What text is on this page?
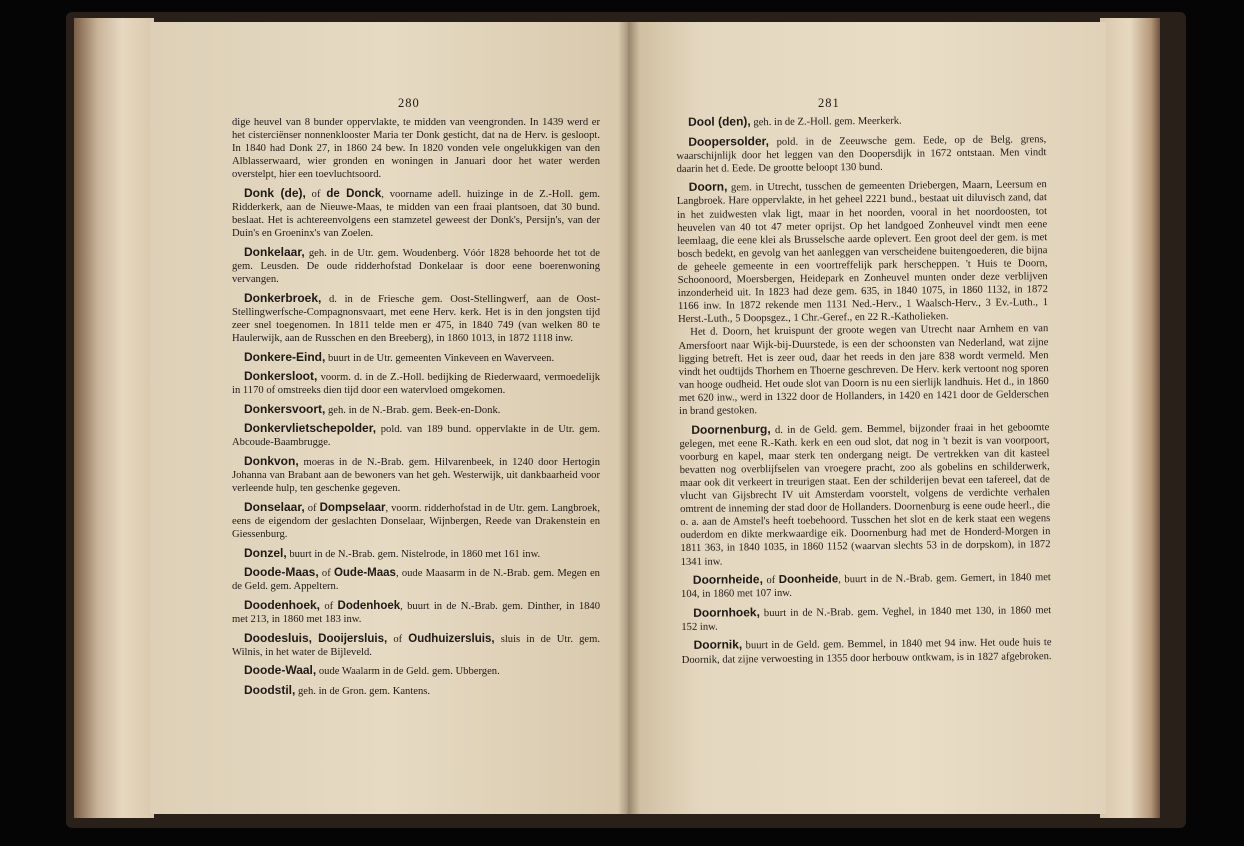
280

dige heuvel van 8 bunder oppervlakte, te midden van veengronden. In 1439 werd er het cisterciënser nonnenklooster Maria ter Donk gesticht, dat na de Herv. is gesloopt. In 1840 had Donk 27, in 1860 24 bew. In 1820 vonden vele ongelukkigen van den Alblasserwaard, wier gronden en woningen in Januari door het water werden overstelpt, hier een toevluchtsoord.

Donk (de), of de Donck, voorname adell. huizinge in de Z.-Holl. gem. Ridderkerk, aan de Nieuwe-Maas, te midden van een fraai plantsoen, dat 30 bund. beslaat. Het is achtereenvolgens een stamzetel geweest der Donk's, Persijn's, van der Duin's en Groeninx's van Zoelen.

Donkelaar, geh. in de Utr. gem. Woudenberg. Vóór 1828 behoorde het tot de gem. Leusden. De oude ridderhofstad Donkelaar is door eene boerenwoning vervangen.

Donkerbroek, d. in de Friesche gem. Oost-Stellingwerf, aan de Oost-Stellingwerfsche-Compagnonsvaart, met eene Herv. kerk. Het is in den jongsten tijd zeer snel toegenomen. In 1811 telde men er 475, in 1840 749 (van welken 80 te Haulerwijk, aan de Russchen en den Breeberg), in 1860 1013, in 1872 1118 inw.

Donkere-Eind, buurt in de Utr. gemeenten Vinkeveen en Waverveen.

Donkersloot, voorm. d. in de Z.-Holl. bedijking de Riederwaard, vermoedelijk in 1170 of omstreeks dien tijd door een watervloed omgekomen.

Donkersvoort, geh. in de N.-Brab. gem. Beek-en-Donk.

Donkervlietschepolder, pold. van 189 bund. oppervlakte in de Utr. gem. Abcoude-Baambrugge.

Donkvon, moeras in de N.-Brab. gem. Hilvarenbeek, in 1240 door Hertogin Johanna van Brabant aan de bewoners van het geh. Westerwijk, uit dankbaarheid voor verleende hulp, ten geschenke gegeven.

Donselaar, of Dompselaar, voorm. ridderhofstad in de Utr. gem. Langbroek, eens de eigendom der geslachten Donselaar, Wijnbergen, Reede van Drakenstein en Giessenburg.

Donzel, buurt in de N.-Brab. gem. Nistelrode, in 1860 met 161 inw.

Doode-Maas, of Oude-Maas, oude Maasarm in de N.-Brab. gem. Megen en de Geld. gem. Appeltern.

Doodenhoek, of Dodenhoek, buurt in de N.-Brab. gem. Dinther, in 1840 met 213, in 1860 met 183 inw.

Doodesluis, Dooijersluis, of Oudhuizersluis, sluis in de Utr. gem. Wilnis, in het water de Bijleveld.

Doode-Waal, oude Waalarm in de Geld. gem. Ubbergen.

Doodstil, geh. in de Gron. gem. Kantens.

281

Dool (den), geh. in de Z.-Holl. gem. Meerkerk.

Doopersolder, pold. in de Zeeuwsche gem. Eede, op de Belg. grens, waarschijnlijk door het leggen van den Doopersdijk in 1672 ontstaan. Men vindt daarin het d. Eede. De grootte beloopt 130 bund.

Doorn, gem. in Utrecht, tusschen de gemeenten Driebergen, Maarn, Leersum en Langbroek. Hare oppervlakte, in het geheel 2221 bund., bestaat uit diluvisch zand, dat in het zuidwesten vlak ligt, maar in het noorden, vooral in het noordoosten, tot heuvelen van 40 tot 47 meter oprijst. Op het landgoed Zonheuvel vindt men eene leemlaag, die eene klei als Brusselsche aarde oplevert. Een groot deel der gem. is met bosch bedekt, en gevolg van het aanleggen van verscheidene buitengoederen, die bijna de geheele gemeente in een voortreffelijk park herscheppen. 't Huis te Doorn, Schoonoord, Moersbergen, Heidepark en Zonheuvel munten onder deze verblijven inzonderheid uit. In 1823 had deze gem. 635, in 1840 1075, in 1860 1132, in 1872 1166 inw. In 1872 rekende men 1131 Ned.-Herv., 1 Waalsch-Herv., 3 Ev.-Luth., 1 Herst.-Luth., 5 Doopsgez., 1 Chr.-Geref., en 22 R.-Katholieken.

Het d. Doorn, het kruispunt der groote wegen van Utrecht naar Arnhem en van Amersfoort naar Wijk-bij-Duurstede, is een der schoonsten van Nederland, wat zijne ligging betreft. Het is zeer oud, daar het reeds in den jare 838 wordt vermeld. Men vindt het oudtijds Thorhem en Thoerne geschreven. De Herv. kerk vertoont nog sporen van hooge oudheid. Het oude slot van Doorn is nu een sierlijk landhuis. Het d., in 1860 met 620 inw., werd in 1322 door de Hollanders, in 1420 en 1421 door de Gelderschen in brand gestoken.

Doornenburg, d. in de Geld. gem. Bemmel, bijzonder fraai in het geboomte gelegen, met eene R.-Kath. kerk en een oud slot, dat nog in 't bezit is van voorpoort, voorburg en kapel, maar sterk ten ondergang neigt. De vertrekken van dit kasteel bevatten nog overblijfselen van vroegere pracht, zoo als gobelins en schilderwerk, maar ook dit verkeert in treurigen staat. Een der schilderijen bevat een tafereel, dat de vlucht van Gijsbrecht IV uit Amsterdam voorstelt, volgens de verdichte verhalen omtrent de inneming der stad door de Hollanders. Doornenburg is eene oude heerl., die o. a. aan de Amstel's heeft toebehoord. Tusschen het slot en de kerk staat een wegens ouderdom en dikte merkwaardige eik. Doornenburg had met de Honderd-Morgen in 1811 363, in 1840 1035, in 1860 1152 (waarvan slechts 53 in de dorpskom), in 1872 1341 inw.

Doornheide, of Doonheide, buurt in de N.-Brab. gem. Gemert, in 1840 met 104, in 1860 met 107 inw.

Doornhoek, buurt in de N.-Brab. gem. Veghel, in 1840 met 130, in 1860 met 152 inw.

Doornik, buurt in de Geld. gem. Bemmel, in 1840 met 94 inw. Het oude huis te Doornik, dat zijne verwoesting in 1355 door herbouw ontkwam, is in 1827 afgebroken.
